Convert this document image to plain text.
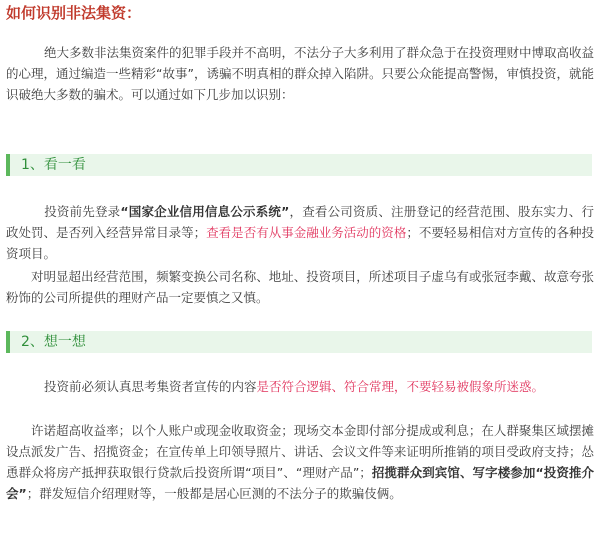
如何识别非法集资：

绝大多数非法集资案件的犯罪手段并不高明，不法分子大多利用了群众急于在投资理财中博取高收益的心理，通过编造一些精彩“故事”，诱骗不明真相的群众掉入陷阱。只要公众能提高警惕，审慎投资，就能识破绝大多数的骗术。可以通过如下几步加以识别：

1、看一看

投资前先登录“国家企业信用信息公示系统”，查看公司资质、注册登记的经营范围、股东实力、行政处罚、是否列入经营异常目录等；查看是否有从事金融业务活动的资格；不要轻易相信对方宣传的各种投资项目。

对明显超出经营范围，频繁变换公司名称、地址、投资项目，所述项目子虚乌有或张冠李戴、故意夸张粉饰的公司所提供的理财产品一定要慎之又慎。

2、想一想

投资前必须认真思考集资者宣传的内容是否符合逻辑、符合常理，不要轻易被假象所迷惑。

许诺超高收益率；以个人账户或现金收取资金；现场交本金即付部分提成或利息；在人群聚集区域摆摊设点派发广告、招揽资金；在宣传单上印领导照片、讲话、会议文件等来证明所推销的项目受政府支持；怂恿群众将房产抵押获取银行贷款后投资所谓“项目”、“理财产品”；招揽群众到宾馆、写字楼参加“投资推介会”；群发短信介绍理财等，一般都是居心叵测的不法分子的欺骗伎俩。
